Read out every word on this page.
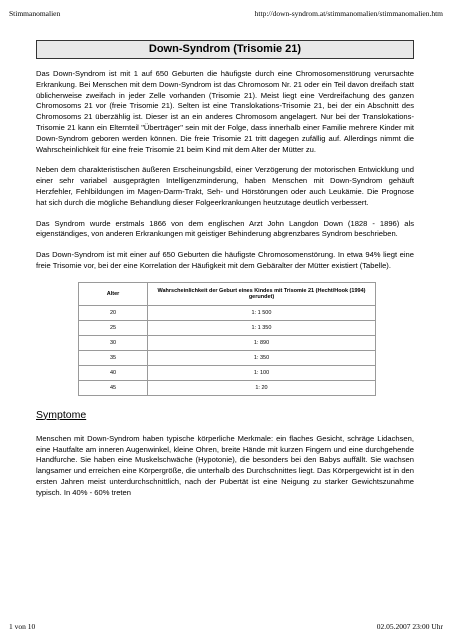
Stimmanomalien	http://down-syndrom.at/stimmanomalien/stimmanomalien.htm
Down-Syndrom (Trisomie 21)

Das Down-Syndrom ist mit 1 auf 650 Geburten die häufigste durch eine Chromosomenstörung verursachte Erkrankung. Bei Menschen mit dem Down-Syndrom ist das Chromosom Nr. 21 oder ein Teil davon dreifach statt üblicherweise zweifach in jeder Zelle vorhanden (Trisomie 21). Meist liegt eine Verdreifachung des ganzen Chromosoms 21 vor (freie Trisomie 21). Selten ist eine Translokations-Trisomie 21, bei der ein Abschnitt des Chromosoms 21 überzählig ist. Dieser ist an ein anderes Chromosom angelagert. Nur bei der Translokations-Trisomie 21 kann ein Elternteil "Überträger" sein mit der Folge, dass innerhalb einer Familie mehrere Kinder mit Down-Syndrom geboren werden können. Die freie Trisomie 21 tritt dagegen zufällig auf. Allerdings nimmt die Wahrscheinlichkeit für eine freie Trisomie 21 beim Kind mit dem Alter der Mütter zu.

Neben dem charakteristischen äußeren Erscheinungsbild, einer Verzögerung der motorischen Entwicklung und einer sehr variabel ausgeprägten Intelligenzminderung, haben Menschen mit Down-Syndrom gehäuft Herzfehler, Fehlbildungen im Magen-Darm-Trakt, Seh- und Hörstörungen oder auch Leukämie. Die Prognose hat sich durch die mögliche Behandlung dieser Folgeerkrankungen heutzutage deutlich verbessert.

Das Syndrom wurde erstmals 1866 von dem englischen Arzt John Langdon Down (1828 - 1896) als eigenständiges, von anderen Erkrankungen mit geistiger Behinderung abgrenzbares Syndrom beschrieben.

Das Down-Syndrom ist mit einer auf 650 Geburten die häufigste Chromosomenstörung. In etwa 94% liegt eine freie Trisomie vor, bei der eine Korrelation der Häufigkeit mit dem Gebäralter der Mütter existiert (Tabelle).

Alter	Wahrscheinlichkeit der Geburt eines Kindes mit Trisomie 21 (Hecht/Hook (1994) gerundet)
20	1: 1 500
25	1: 1 350
30	1: 890
35	1: 350
40	1: 100
45	1: 20
Symptome

Menschen mit Down-Syndrom haben typische körperliche Merkmale: ein flaches Gesicht, schräge Lidachsen, eine Hautfalte am inneren Augenwinkel, kleine Ohren, breite Hände mit kurzen Fingern und eine durchgehende Handfurche. Sie haben eine Muskelschwäche (Hypotonie), die besonders bei den Babys auffällt. Sie wachsen langsamer und erreichen eine Körpergröße, die unterhalb des Durchschnittes liegt. Das Körpergewicht ist in den ersten Jahren meist unterdurchschnittlich, nach der Pubertät ist eine Neigung zu starker Gewichtszunahme typisch. In 40% - 60% treten

1 von 10	02.05.2007 23:00 Uhr
